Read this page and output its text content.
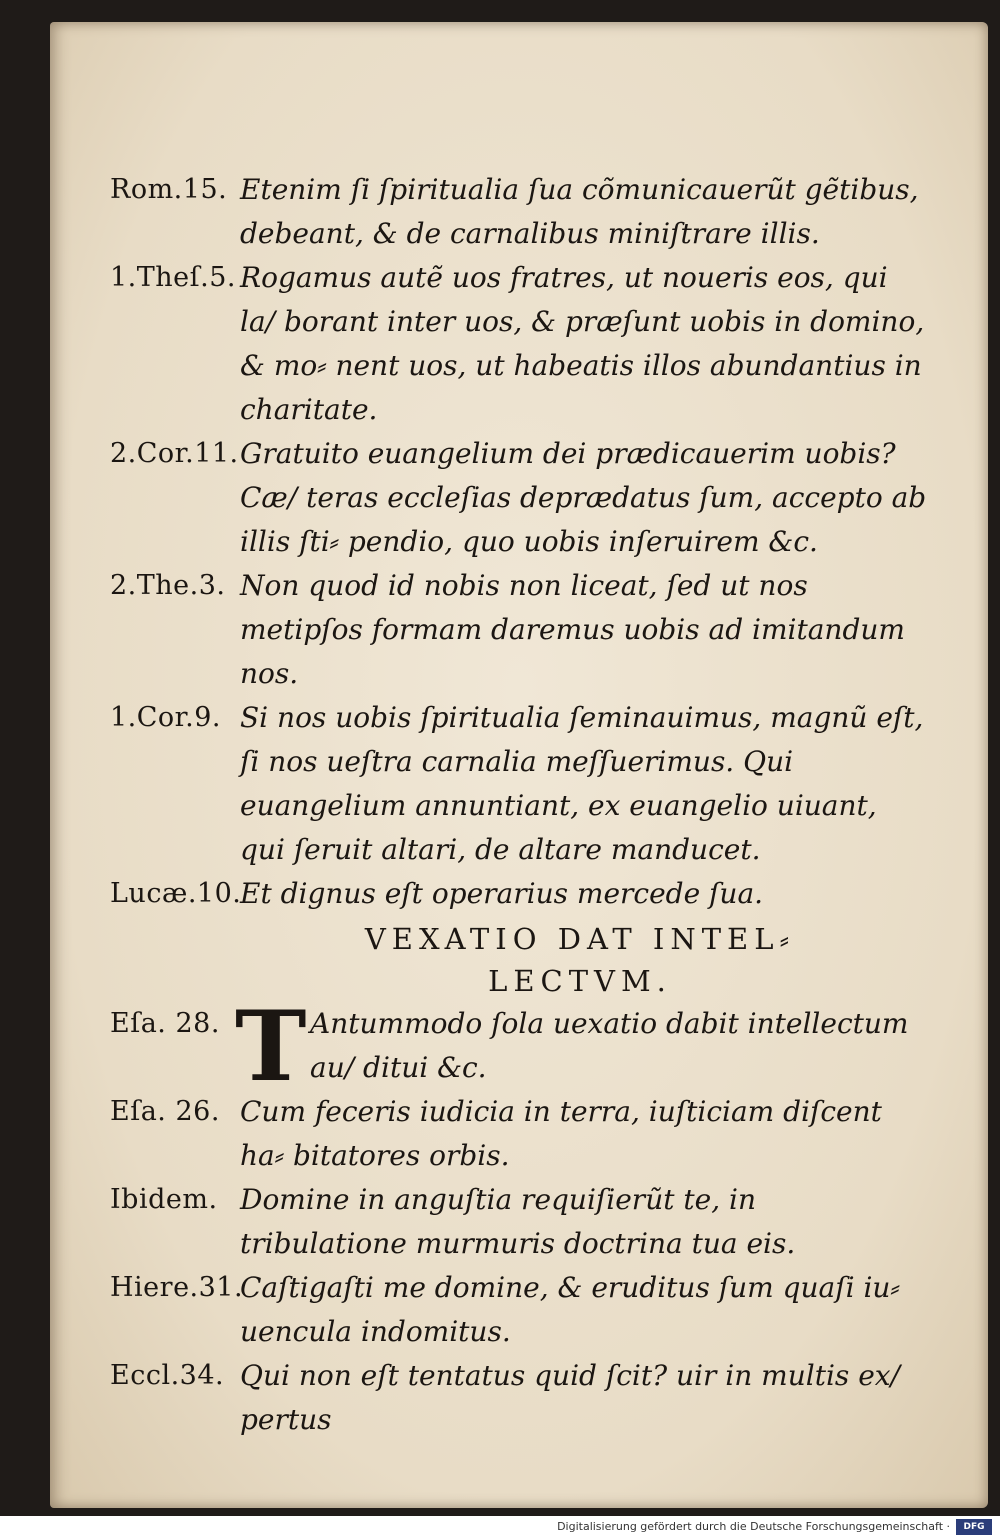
Rom.15. Etenim ſi ſpiritualia ſua cõmunicauerũt gẽtibus, debeant, & de carnalibus miniſtrare illis.
1.Theſ.5. Rogamus autẽ uos fratres, ut noueris eos, qui la/ borant inter uos, & præſunt uobis in domino, & mo⸗ nent uos, ut habeatis illos abundantius in charitate.
2.Cor.11. Gratuito euangelium dei prædicauerim uobis? Cæ/ teras eccleſias deprædatus ſum, accepto ab illis ſti⸗ pendio, quo uobis inſeruirem &c.
2.The.3. Non quod id nobis non liceat, ſed ut nos metipſos formam daremus uobis ad imitandum nos.
1.Cor.9. Si nos uobis ſpiritualia ſeminauimus, magnũ eſt, ſi nos ueſtra carnalia meſſuerimus. Qui euangelium annuntiant, ex euangelio uiuant, qui ſeruit altari, de altare manducet.
Lucæ.10.
Et dignus eſt operarius mercede ſua.
VEXATIO DAT INTEL⸗
LECTVM.
Eſa. 28. T Antummodo ſola uexatio dabit intellectum au/ ditui &c.
Eſa. 26. Cum feceris iudicia in terra, iuſticiam diſcent ha⸗ bitatores orbis.
Ibidem. Domine in anguſtia requiſierũt te, in tribulatione murmuris doctrina tua eis.
Hiere.31.
Caſtigaſti me domine, & eruditus ſum quaſi iu⸗ uencula indomitus.
Eccl.34. Qui non eſt tentatus quid ſcit? uir in multis ex/ pertus
Digitalisierung gefördert durch die Deutsche Forschungsgemeinschaft ·	DFG
